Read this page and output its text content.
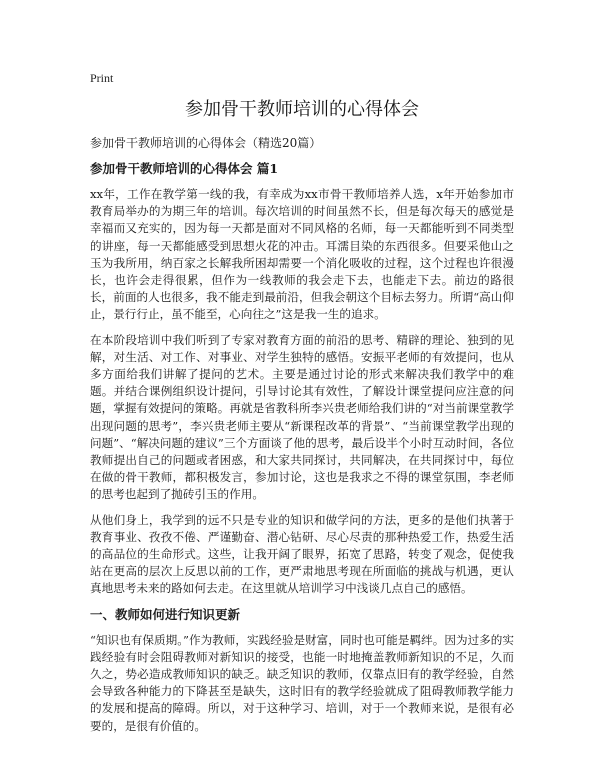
Print
参加骨干教师培训的心得体会
参加骨干教师培训的心得体会（精选20篇）
参加骨干教师培训的心得体会 篇1

xx年，工作在教学第一线的我，有幸成为xx市骨干教师培养人选，x年开始参加市教育局举办的为期三年的培训。每次培训的时间虽然不长，但是每次每天的感觉是幸福而又充实的，因为每一天都是面对不同风格的名师，每一天都能听到不同类型的讲座，每一天都能感受到思想火花的冲击。耳濡目染的东西很多。但要采他山之玉为我所用，纳百家之长解我所困却需要一个消化吸收的过程，这个过程也许很漫长，也许会走得很累，但作为一线教师的我会走下去，也能走下去。前边的路很长，前面的人也很多，我不能走到最前沿，但我会朝这个目标去努力。所谓“高山仰止，景行行止，虽不能至，心向往之”这是我一生的追求。

在本阶段培训中我们听到了专家对教育方面的前沿的思考、精辟的理论、独到的见解，对生活、对工作、对事业、对学生独特的感悟。安振平老师的有效提问，也从多方面给我们讲解了提问的艺术。主要是通过讨论的形式来解决我们教学中的难题。并结合课例组织设计提问，引导讨论其有效性，了解设计课堂提问应注意的问题，掌握有效提问的策略。再就是省教科所李兴贵老师给我们讲的“对当前课堂教学出现问题的思考”，李兴贵老师主要从“新课程改革的背景”、“当前课堂教学出现的问题”、“解决问题的建议”三个方面谈了他的思考，最后设半个小时互动时间，各位教师提出自己的问题或者困惑，和大家共同探讨，共同解决，在共同探讨中，每位在做的骨干教师，都积极发言，参加讨论，这也是我求之不得的课堂氛围，李老师的思考也起到了抛砖引玉的作用。

从他们身上，我学到的远不只是专业的知识和做学问的方法，更多的是他们执著于教育事业、孜孜不倦、严谨勤奋、潜心钻研、尽心尽责的那种热爱工作，热爱生活的高品位的生命形式。这些，让我开阔了眼界，拓宽了思路，转变了观念，促使我站在更高的层次上反思以前的工作，更严肃地思考现在所面临的挑战与机遇，更认真地思考未来的路如何去走。在这里就从培训学习中浅谈几点自己的感悟。

一、教师如何进行知识更新

“知识也有保质期。”作为教师，实践经验是财富，同时也可能是羁绊。因为过多的实践经验有时会阻碍教师对新知识的接受，也能一时地掩盖教师新知识的不足，久而久之，势必造成教师知识的缺乏。缺乏知识的教师，仅靠点旧有的教学经验，自然会导致各种能力的下降甚至是缺失，这时旧有的教学经验就成了阻碍教师教学能力的发展和提高的障碍。所以，对于这种学习、培训，对于一个教师来说，是很有必要的，是很有价值的。
